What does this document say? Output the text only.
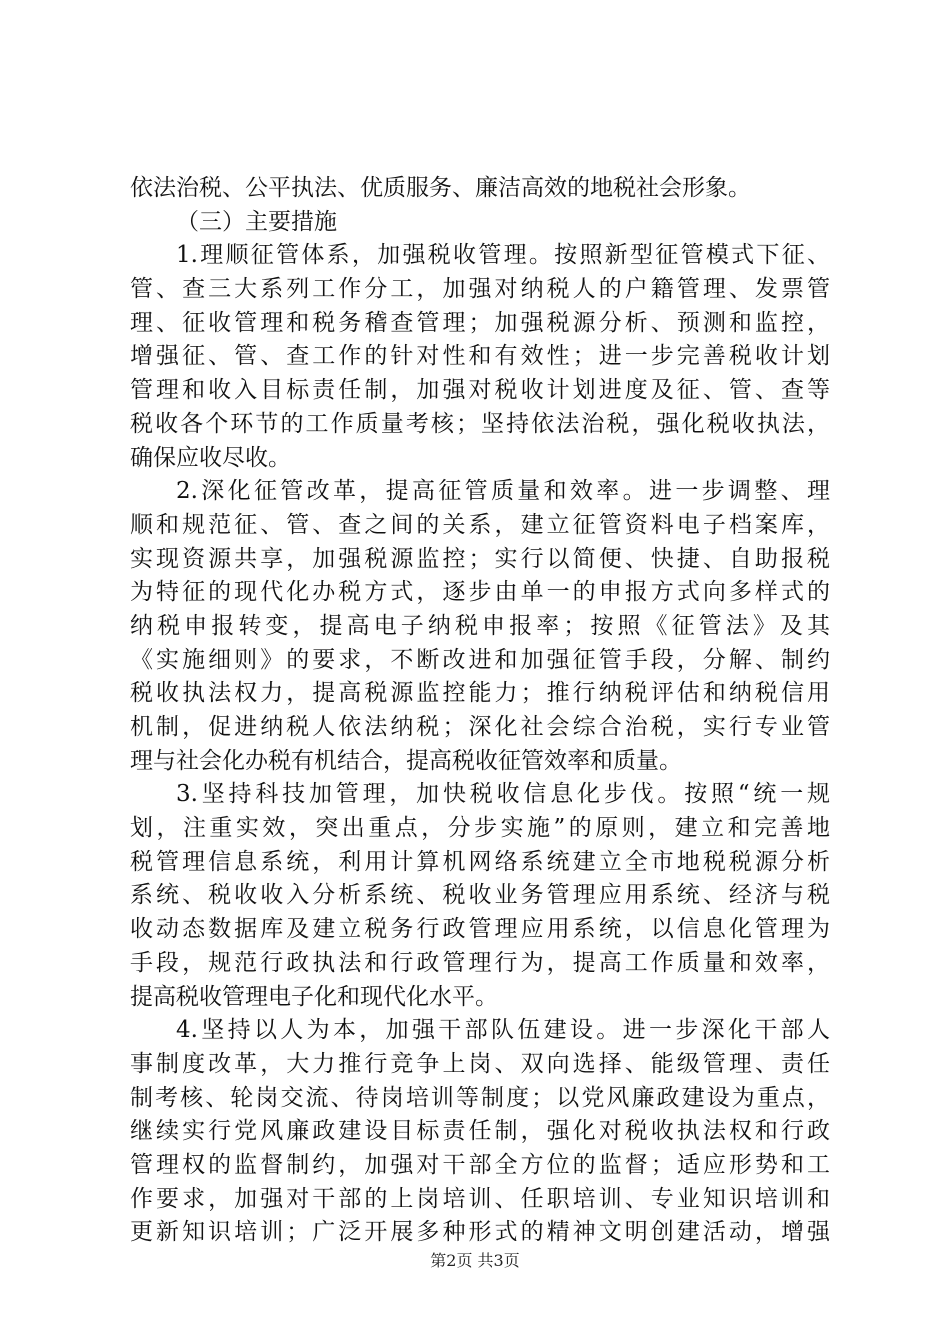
依法治税、公平执法、优质服务、廉洁高效的地税社会形象。
（三）主要措施
1.理顺征管体系，加强税收管理。按照新型征管模式下征、
管、查三大系列工作分工，加强对纳税人的户籍管理、发票管
理、征收管理和税务稽查管理；加强税源分析、预测和监控，
增强征、管、查工作的针对性和有效性；进一步完善税收计划
管理和收入目标责任制，加强对税收计划进度及征、管、查等
税收各个环节的工作质量考核；坚持依法治税，强化税收执法，
确保应收尽收。
2.深化征管改革，提高征管质量和效率。进一步调整、理
顺和规范征、管、查之间的关系，建立征管资料电子档案库，
实现资源共享，加强税源监控；实行以简便、快捷、自助报税
为特征的现代化办税方式，逐步由单一的申报方式向多样式的
纳税申报转变，提高电子纳税申报率；按照《征管法》及其
《实施细则》的要求，不断改进和加强征管手段，分解、制约
税收执法权力，提高税源监控能力；推行纳税评估和纳税信用
机制，促进纳税人依法纳税；深化社会综合治税，实行专业管
理与社会化办税有机结合，提高税收征管效率和质量。
3.坚持科技加管理，加快税收信息化步伐。按照“统一规
划，注重实效，突出重点，分步实施”的原则，建立和完善地
税管理信息系统，利用计算机网络系统建立全市地税税源分析
系统、税收收入分析系统、税收业务管理应用系统、经济与税
收动态数据库及建立税务行政管理应用系统，以信息化管理为
手段，规范行政执法和行政管理行为，提高工作质量和效率，
提高税收管理电子化和现代化水平。
4.坚持以人为本，加强干部队伍建设。进一步深化干部人
事制度改革，大力推行竞争上岗、双向选择、能级管理、责任
制考核、轮岗交流、待岗培训等制度；以党风廉政建设为重点，
继续实行党风廉政建设目标责任制，强化对税收执法权和行政
管理权的监督制约，加强对干部全方位的监督；适应形势和工
作要求，加强对干部的上岗培训、任职培训、专业知识培训和
更新知识培训；广泛开展多种形式的精神文明创建活动，增强
第2页 共3页
